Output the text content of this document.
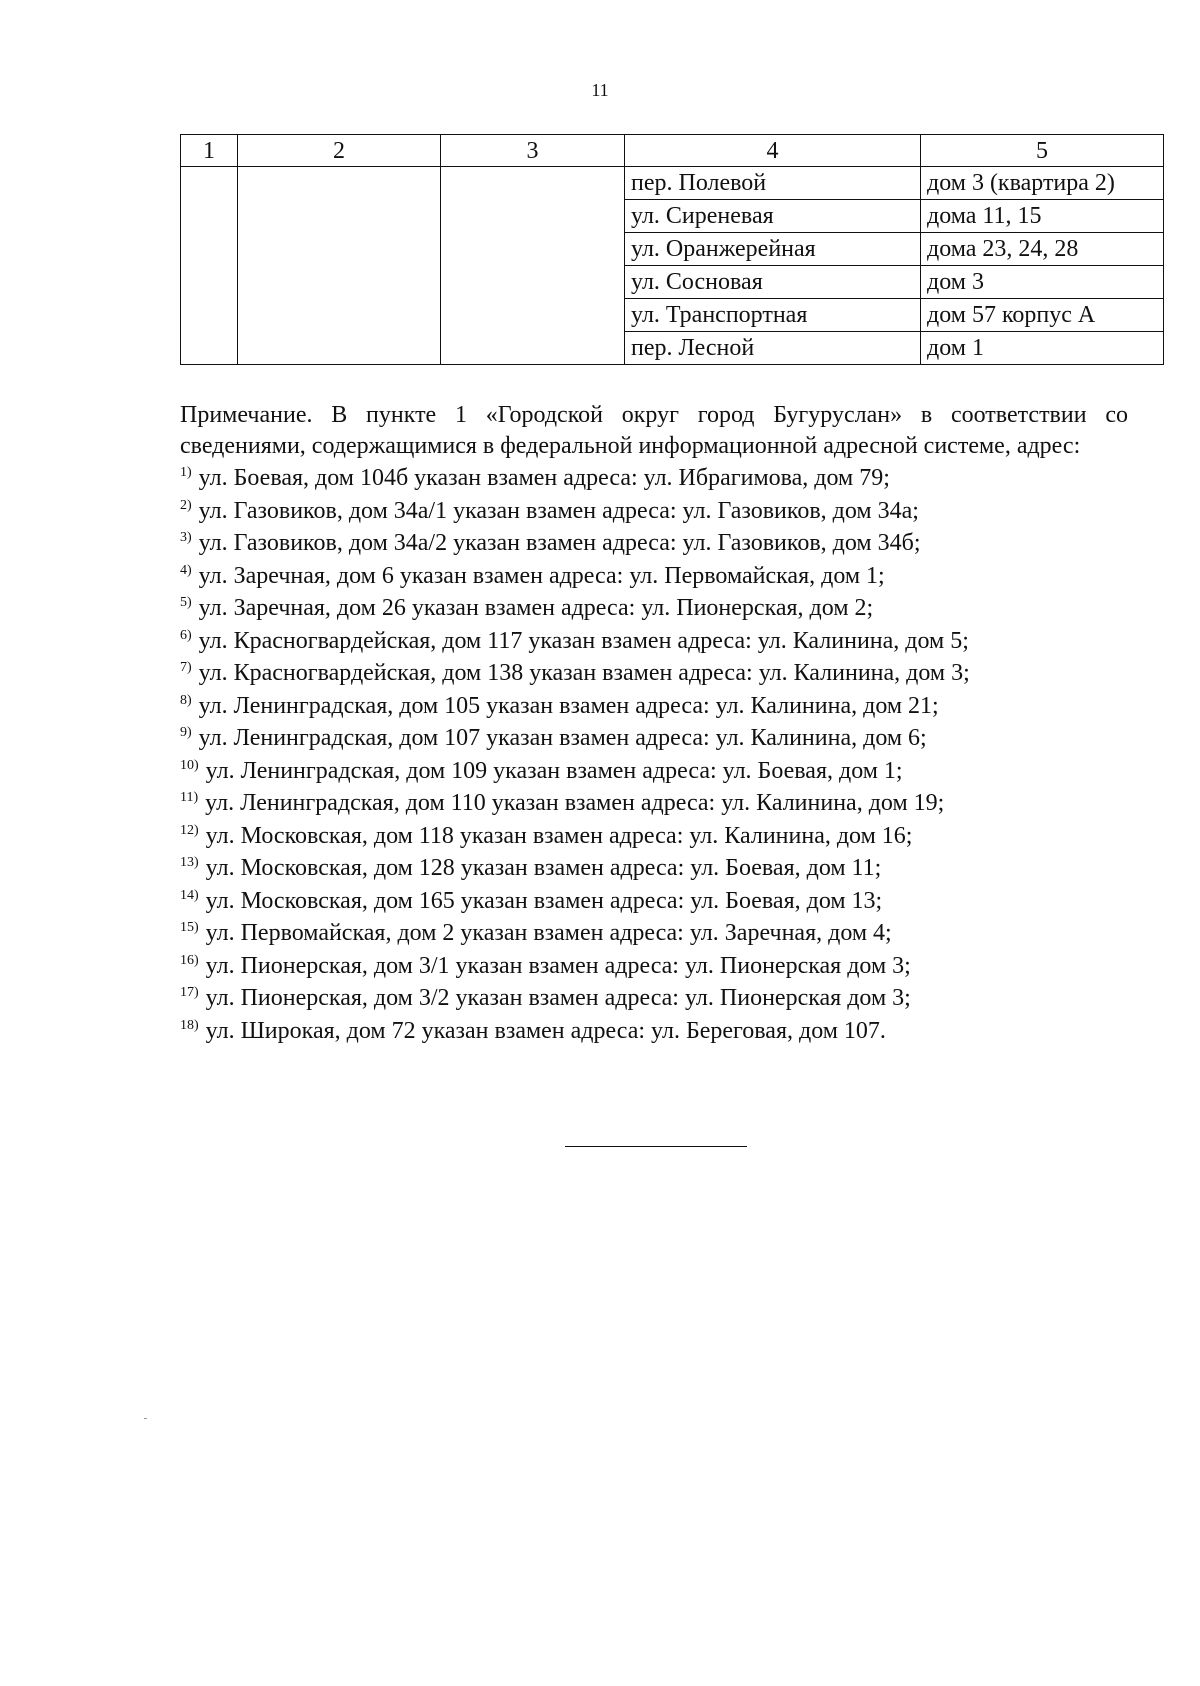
11
1	2	3	4	5
			пер. Полевой	дом 3 (квартира 2)
			ул. Сиреневая	дома 11, 15
			ул. Оранжерейная	дома 23, 24, 28
			ул. Сосновая	дом 3
			ул. Транспортная	дом 57 корпус А
			пер. Лесной	дом 1

Примечание. В пункте 1 «Городской округ город Бугуруслан» в соответствии со сведениями, содержащимися в федеральной информационной адресной системе, адрес:

$^{1)}$ ул. Боевая, дом 104б указан взамен адреса: ул. Ибрагимова, дом 79;
$^{2)}$ ул. Газовиков, дом 34а/1 указан взамен адреса: ул. Газовиков, дом 34а;
$^{3)}$ ул. Газовиков, дом 34а/2 указан взамен адреса: ул. Газовиков, дом 34б;
$^{4)}$ ул. Заречная, дом 6 указан взамен адреса: ул. Первомайская, дом 1;
$^{5)}$ ул. Заречная, дом 26 указан взамен адреса: ул. Пионерская, дом 2;
$^{6)}$ ул. Красногвардейская, дом 117 указан взамен адреса: ул. Калинина, дом 5;
$^{7)}$ ул. Красногвардейская, дом 138 указан взамен адреса: ул. Калинина, дом 3;
$^{8)}$ ул. Ленинградская, дом 105 указан взамен адреса: ул. Калинина, дом 21;
$^{9)}$ ул. Ленинградская, дом 107 указан взамен адреса: ул. Калинина, дом 6;
$^{10)}$ ул. Ленинградская, дом 109 указан взамен адреса: ул. Боевая, дом 1;
$^{11)}$ ул. Ленинградская, дом 110 указан взамен адреса: ул. Калинина, дом 19;
$^{12)}$ ул. Московская, дом 118 указан взамен адреса: ул. Калинина, дом 16;
$^{13)}$ ул. Московская, дом 128 указан взамен адреса: ул. Боевая, дом 11;
$^{14)}$ ул. Московская, дом 165 указан взамен адреса: ул. Боевая, дом 13;
$^{15)}$ ул. Первомайская, дом 2 указан взамен адреса: ул. Заречная, дом 4;
$^{16)}$ ул. Пионерская, дом 3/1 указан взамен адреса: ул. Пионерская дом 3;
$^{17)}$ ул. Пионерская, дом 3/2 указан взамен адреса: ул. Пионерская дом 3;
$^{18)}$ ул. Широкая, дом 72 указан взамен адреса: ул. Береговая, дом 107.
